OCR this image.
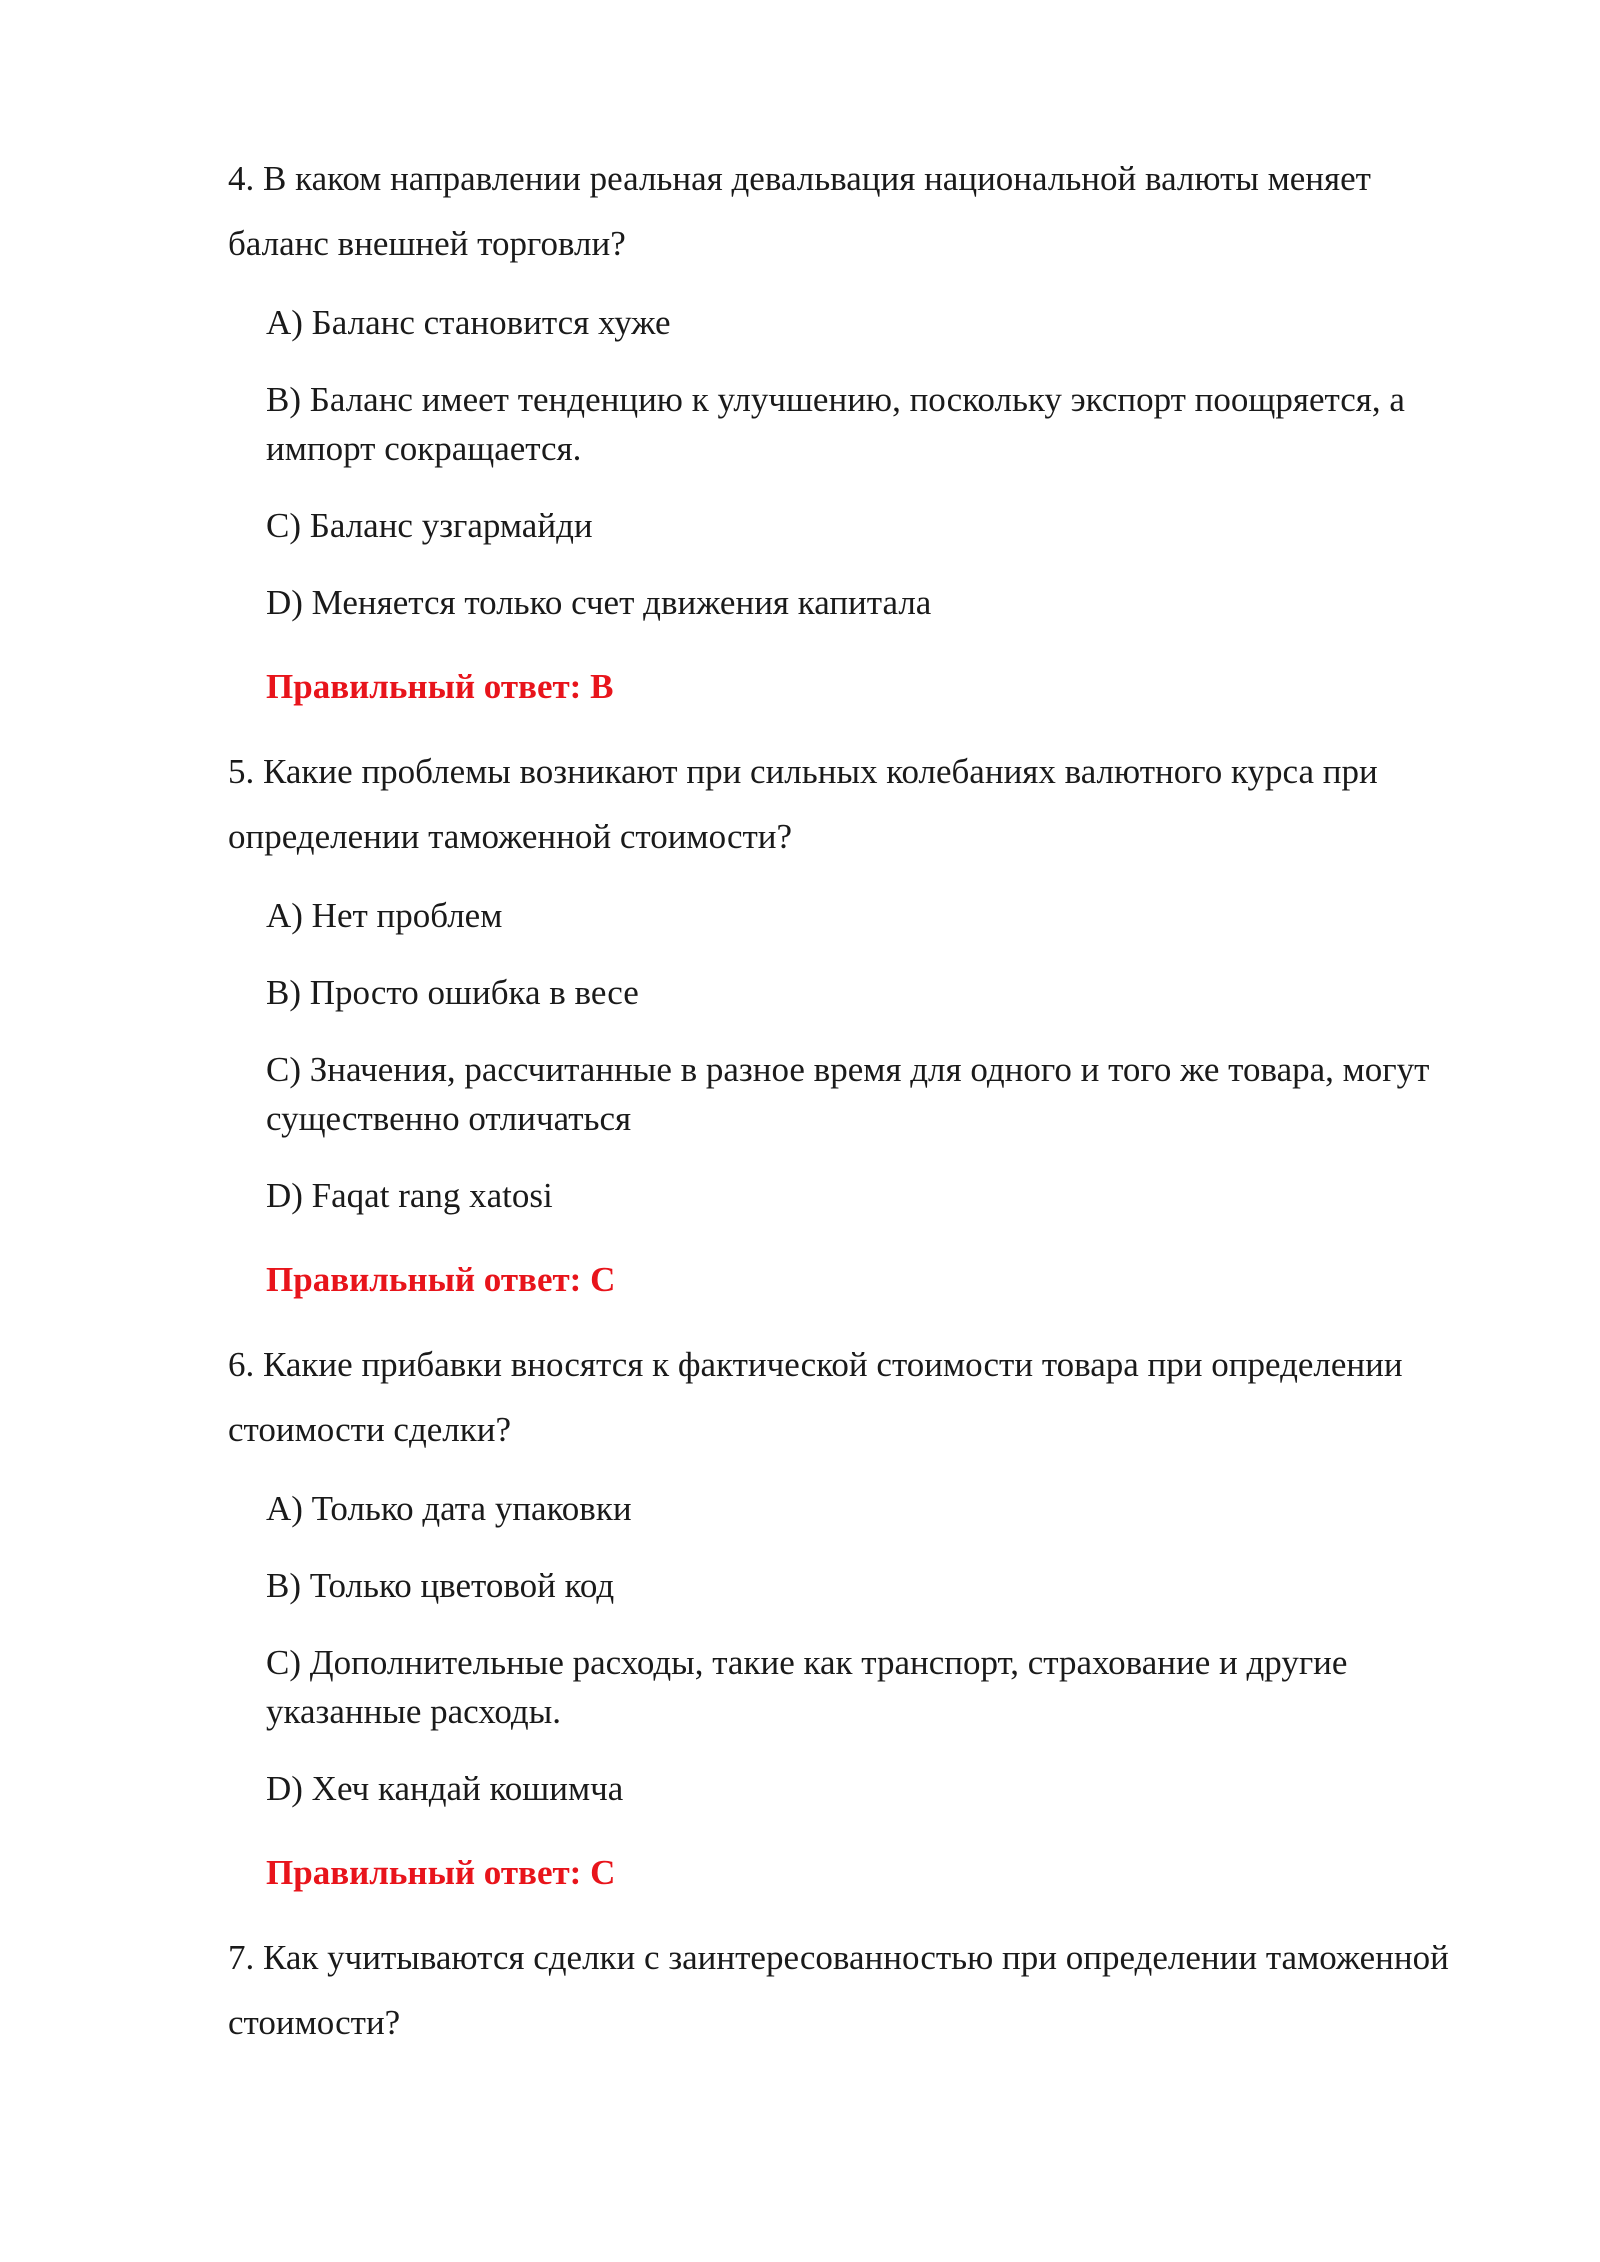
4. В каком направлении реальная девальвация национальной валюты меняет баланс внешней торговли?

A) Баланс становится хуже

B) Баланс имеет тенденцию к улучшению, поскольку экспорт поощряется, а импорт сокращается.

C) Баланс узгармайди

D) Меняется только счет движения капитала

Правильный ответ: B

5. Какие проблемы возникают при сильных колебаниях валютного курса при определении таможенной стоимости?

A) Нет проблем

B) Просто ошибка в весе

C) Значения, рассчитанные в разное время для одного и того же товара, могут существенно отличаться

D) Faqat rang xatosi

Правильный ответ: C

6. Какие прибавки вносятся к фактической стоимости товара при определении стоимости сделки?

A) Только дата упаковки

B) Только цветовой код

C) Дополнительные расходы, такие как транспорт, страхование и другие указанные расходы.

D) Хеч кандай кошимча

Правильный ответ: C

7. Как учитываются сделки с заинтересованностью при определении таможенной стоимости?
